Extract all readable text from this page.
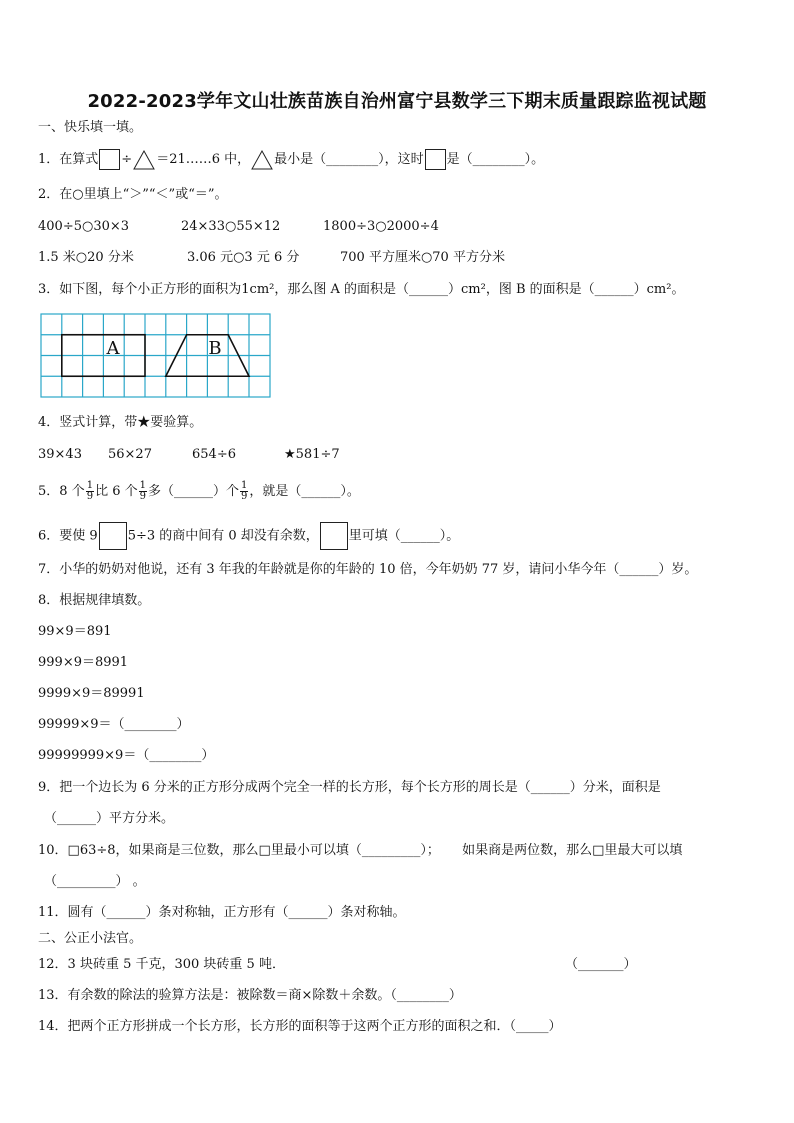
2022-2023学年文山壮族苗族自治州富宁县数学三下期末质量跟踪监视试题
一、快乐填一填。
1．在算式 ÷ ＝21……6 中， 最小是（________），这时 是（________）。
2．在○里填上“＞”“＜”或“＝”。
400÷5○30×3	24×33○55×12	1800÷3○2000÷4
1.5 米○20 分米	3.06 元○3 元 6 分	700 平方厘米○70 平方分米
3．如下图，每个小正方形的面积为1cm²，那么图 A 的面积是（______）cm²，图 B 的面积是（______）cm²。
A	B
4．竖式计算，带★要验算。
39×43 56×27	654÷6	★581÷7
5．8 个 $\frac{1}{9}$ 比 6 个 $\frac{1}{9}$ 多（______）个 $\frac{1}{9}$ ，就是（______）。
6．要使 9 5÷3 的商中间有 0 却没有余数， 里可填（______）。
7．小华的奶奶对他说，还有 3 年我的年龄就是你的年龄的 10 倍，今年奶奶 77 岁，请问小华今年（______）岁。
8．根据规律填数。
99×9＝891
999×9＝8991
9999×9＝89991
99999×9＝（________）
99999999×9＝（________）
9．把一个边长为 6 分米的正方形分成两个完全一样的长方形，每个长方形的周长是（______）分米，面积是
（______）平方分米。
10．□63÷8，如果商是三位数，那么□里最小可以填（_________）； 如果商是两位数，那么□里最大可以填
（_________） 。
11．圆有（______）条对称轴，正方形有（______）条对称轴。
二、公正小法官。
12．3 块砖重 5 千克，300 块砖重 5 吨．	（_______）
13．有余数的除法的验算方法是：被除数＝商×除数＋余数。（________）
14．把两个正方形拼成一个长方形，长方形的面积等于这两个正方形的面积之和．（_____）
